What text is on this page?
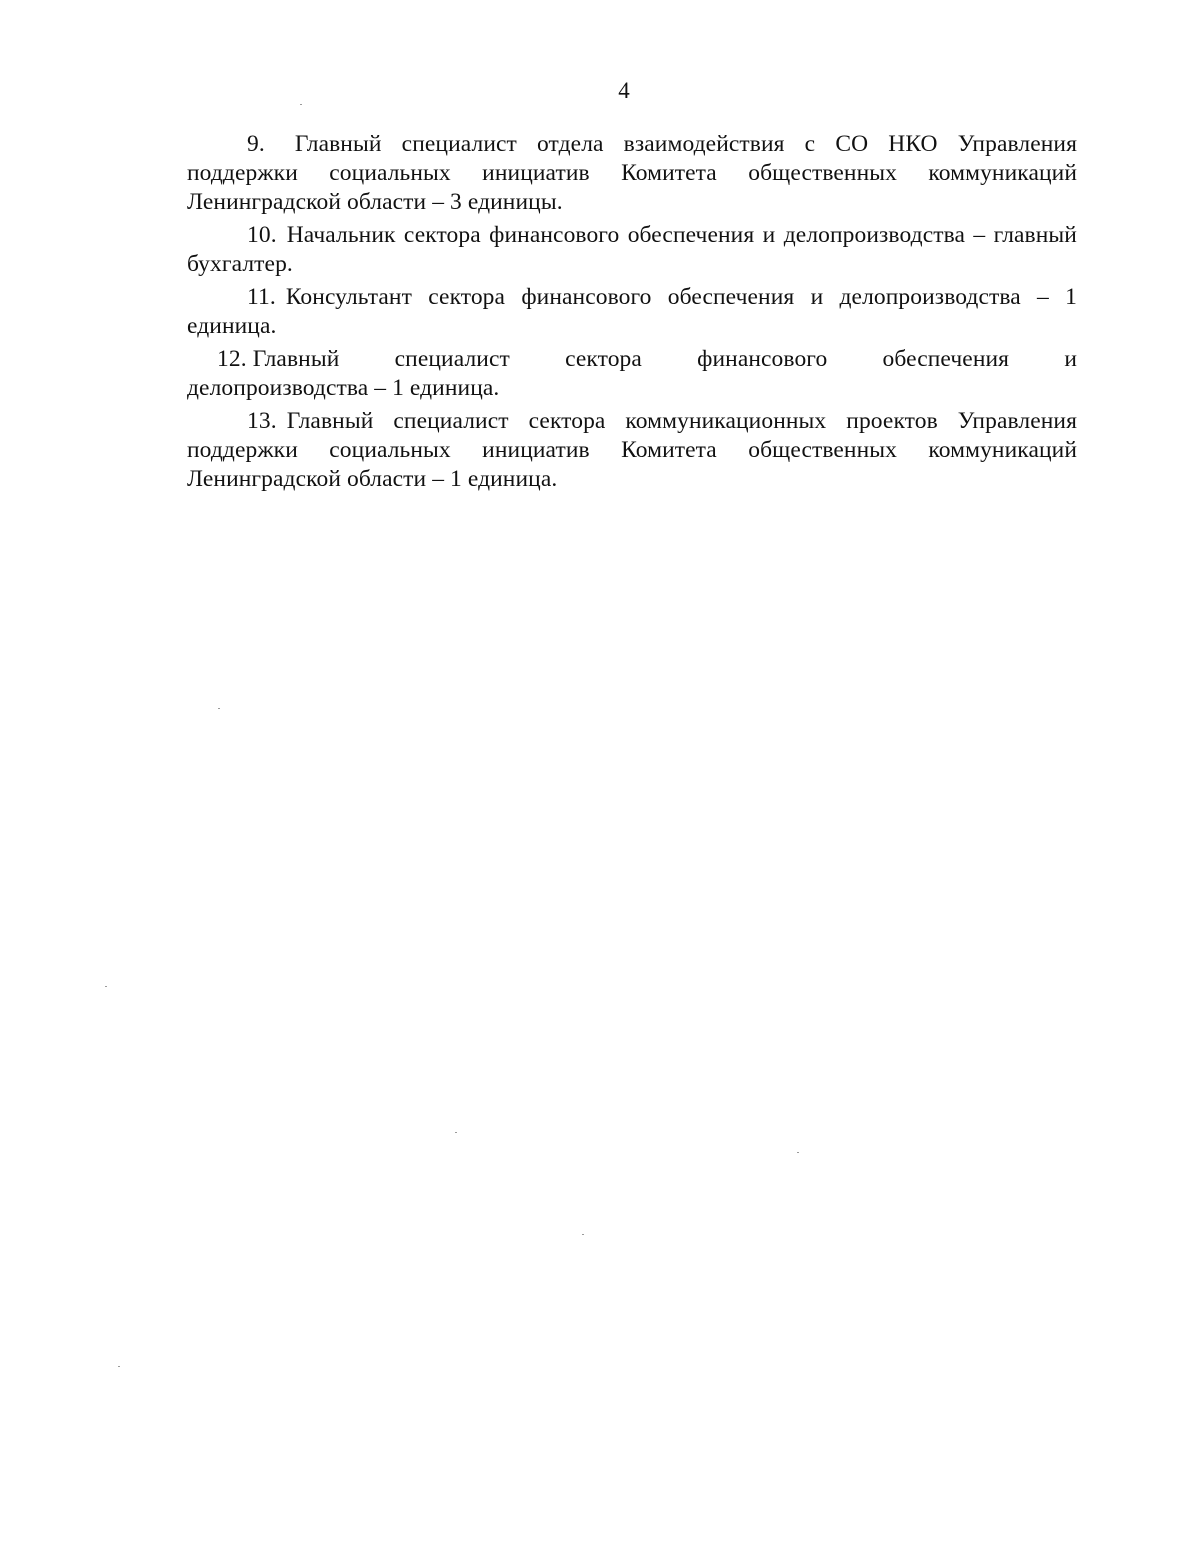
4

9. Главный специалист отдела взаимодействия с СО НКО Управления поддержки социальных инициатив Комитета общественных коммуникаций Ленинградской области – 3 единицы.

10. Начальник сектора финансового обеспечения и делопроизводства – главный бухгалтер.

11. Консультант сектора финансового обеспечения и делопроизводства – 1 единица.

12. Главный специалист сектора финансового обеспечения и
делопроизводства – 1 единица.

13. Главный специалист сектора коммуникационных проектов Управления поддержки социальных инициатив Комитета общественных коммуникаций Ленинградской области – 1 единица.
